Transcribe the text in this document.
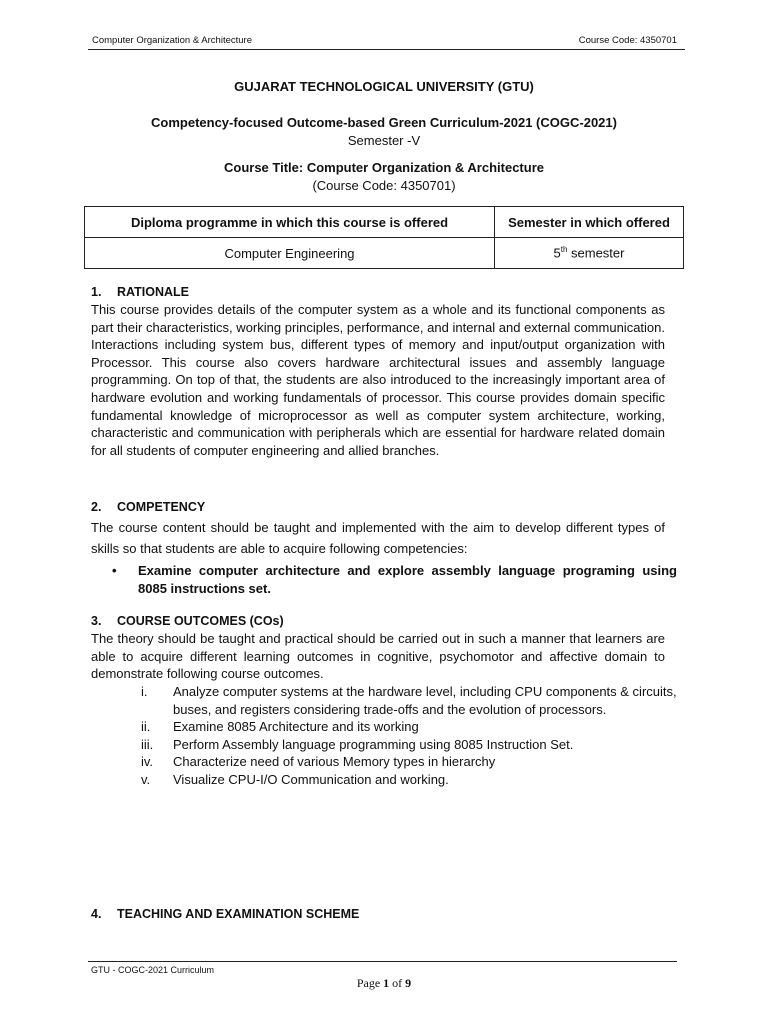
Computer Organization & Architecture	Course Code: 4350701
GUJARAT TECHNOLOGICAL UNIVERSITY (GTU)
Competency-focused Outcome-based Green Curriculum-2021 (COGC-2021)
Semester -V
Course Title: Computer Organization & Architecture
(Course Code: 4350701)
Diploma programme in which this course is offered	Semester in which offered
Computer Engineering	5th semester
1. RATIONALE
This course provides details of the computer system as a whole and its functional components as part their characteristics, working principles, performance, and internal and external communication. Interactions including system bus, different types of memory and input/output organization with Processor. This course also covers hardware architectural issues and assembly language programming. On top of that, the students are also introduced to the increasingly important area of hardware evolution and working fundamentals of processor. This course provides domain specific fundamental knowledge of microprocessor as well as computer system architecture, working, characteristic and communication with peripherals which are essential for hardware related domain for all students of computer engineering and allied branches.
2. COMPETENCY
The course content should be taught and implemented with the aim to develop different types of skills so that students are able to acquire following competencies:
• Examine computer architecture and explore assembly language programing using 8085 instructions set.
3. COURSE OUTCOMES (COs)
The theory should be taught and practical should be carried out in such a manner that learners are able to acquire different learning outcomes in cognitive, psychomotor and affective domain to demonstrate following course outcomes.
i.	Analyze computer systems at the hardware level, including CPU components & circuits, buses, and registers considering trade-offs and the evolution of processors.
ii.	Examine 8085 Architecture and its working
iii.	Perform Assembly language programming using 8085 Instruction Set.
iv.	Characterize need of various Memory types in hierarchy
v.	Visualize CPU-I/O Communication and working.
4. TEACHING AND EXAMINATION SCHEME
GTU - COGC-2021 Curriculum
Page 1 of 9
